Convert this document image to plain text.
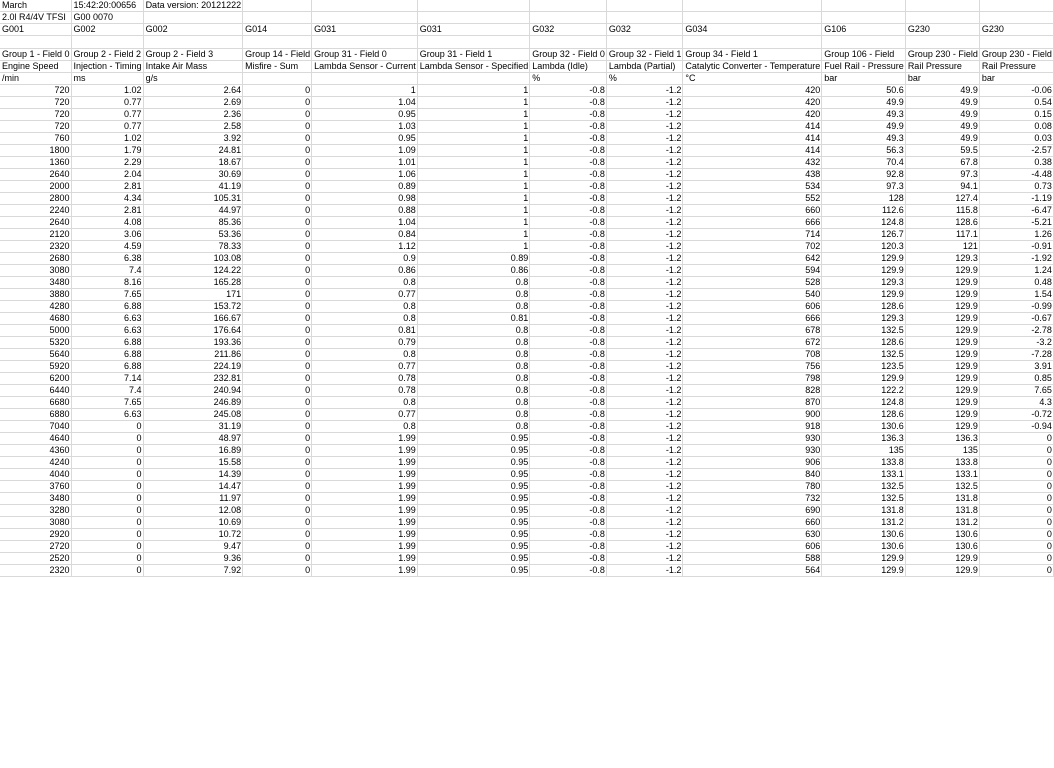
March	15:42:20:00656	Data version: 20121222									
2.0l R4/4V TFSI	G00 0070										
G001	G002	G002	G014	G031	G031	G032	G032	G034	G106	G230	G230

Group 1 - Field 0	Group 2 - Field 2	Group 2 - Field 3	Group 14 - Field	Group 31 - Field 0	Group 31 - Field 1	Group 32 - Field 0	Group 32 - Field 1	Group 34 - Field 1	Group 106 - Field	Group 230 - Field	Group 230 - Field
Engine Speed	Injection - Timing	Intake Air Mass	Misfire - Sum	Lambda Sensor - Current	Lambda Sensor - Specified	Lambda (Idle)	Lambda (Partial)	Catalytic Converter - Temperature	Fuel Rail - Pressure	Rail Pressure	Rail Pressure
/min	ms	g/s				%	%	°C	bar	bar	bar
720	1.02	2.64	0	1	1	-0.8	-1.2	420	50.6	49.9	-0.06
720	0.77	2.69	0	1.04	1	-0.8	-1.2	420	49.9	49.9	0.54
720	0.77	2.36	0	0.95	1	-0.8	-1.2	420	49.3	49.9	0.15
720	0.77	2.58	0	1.03	1	-0.8	-1.2	414	49.9	49.9	0.08
760	1.02	3.92	0	0.95	1	-0.8	-1.2	414	49.3	49.9	0.03
1800	1.79	24.81	0	1.09	1	-0.8	-1.2	414	56.3	59.5	-2.57
1360	2.29	18.67	0	1.01	1	-0.8	-1.2	432	70.4	67.8	0.38
2640	2.04	30.69	0	1.06	1	-0.8	-1.2	438	92.8	97.3	-4.48
2000	2.81	41.19	0	0.89	1	-0.8	-1.2	534	97.3	94.1	0.73
2800	4.34	105.31	0	0.98	1	-0.8	-1.2	552	128	127.4	-1.19
2240	2.81	44.97	0	0.88	1	-0.8	-1.2	660	112.6	115.8	-6.47
2640	4.08	85.36	0	1.04	1	-0.8	-1.2	666	124.8	128.6	-5.21
2120	3.06	53.36	0	0.84	1	-0.8	-1.2	714	126.7	117.1	1.26
2320	4.59	78.33	0	1.12	1	-0.8	-1.2	702	120.3	121	-0.91
2680	6.38	103.08	0	0.9	0.89	-0.8	-1.2	642	129.9	129.3	-1.92
3080	7.4	124.22	0	0.86	0.86	-0.8	-1.2	594	129.9	129.9	1.24
3480	8.16	165.28	0	0.8	0.8	-0.8	-1.2	528	129.3	129.9	0.48
3880	7.65	171	0	0.77	0.8	-0.8	-1.2	540	129.9	129.9	1.54
4280	6.88	153.72	0	0.8	0.8	-0.8	-1.2	606	128.6	129.9	-0.99
4680	6.63	166.67	0	0.8	0.81	-0.8	-1.2	666	129.3	129.9	-0.67
5000	6.63	176.64	0	0.81	0.8	-0.8	-1.2	678	132.5	129.9	-2.78
5320	6.88	193.36	0	0.79	0.8	-0.8	-1.2	672	128.6	129.9	-3.2
5640	6.88	211.86	0	0.8	0.8	-0.8	-1.2	708	132.5	129.9	-7.28
5920	6.88	224.19	0	0.77	0.8	-0.8	-1.2	756	123.5	129.9	3.91
6200	7.14	232.81	0	0.78	0.8	-0.8	-1.2	798	129.9	129.9	0.85
6440	7.4	240.94	0	0.78	0.8	-0.8	-1.2	828	122.2	129.9	7.65
6680	7.65	246.89	0	0.8	0.8	-0.8	-1.2	870	124.8	129.9	4.3
6880	6.63	245.08	0	0.77	0.8	-0.8	-1.2	900	128.6	129.9	-0.72
7040	0	31.19	0	0.8	0.8	-0.8	-1.2	918	130.6	129.9	-0.94
4640	0	48.97	0	1.99	0.95	-0.8	-1.2	930	136.3	136.3	0
4360	0	16.89	0	1.99	0.95	-0.8	-1.2	930	135	135	0
4240	0	15.58	0	1.99	0.95	-0.8	-1.2	906	133.8	133.8	0
4040	0	14.39	0	1.99	0.95	-0.8	-1.2	840	133.1	133.1	0
3760	0	14.47	0	1.99	0.95	-0.8	-1.2	780	132.5	132.5	0
3480	0	11.97	0	1.99	0.95	-0.8	-1.2	732	132.5	131.8	0
3280	0	12.08	0	1.99	0.95	-0.8	-1.2	690	131.8	131.8	0
3080	0	10.69	0	1.99	0.95	-0.8	-1.2	660	131.2	131.2	0
2920	0	10.72	0	1.99	0.95	-0.8	-1.2	630	130.6	130.6	0
2720	0	9.47	0	1.99	0.95	-0.8	-1.2	606	130.6	130.6	0
2520	0	9.36	0	1.99	0.95	-0.8	-1.2	588	129.9	129.9	0
2320	0	7.92	0	1.99	0.95	-0.8	-1.2	564	129.9	129.9	0
